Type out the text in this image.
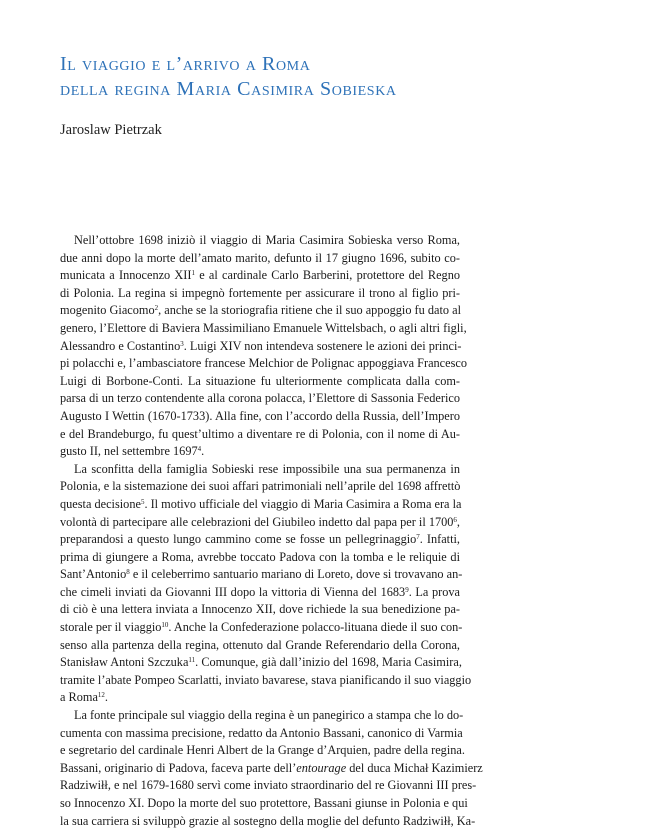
Il viaggio e l’arrivo a Roma
della regina Maria Casimira Sobieska

Jaroslaw Pietrzak

Nell’ottobre 1698 iniziò il viaggio di Maria Casimira Sobieska verso Roma,
due anni dopo la morte dell’amato marito, defunto il 17 giugno 1696, subito co-
municata a Innocenzo XII$^1$ e al cardinale Carlo Barberini, protettore del Regno
di Polonia. La regina si impegnò fortemente per assicurare il trono al figlio pri-
mogenito Giacomo$^2$, anche se la storiografia ritiene che il suo appoggio fu dato al
genero, l’Elettore di Baviera Massimiliano Emanuele Wittelsbach, o agli altri figli,
Alessandro e Costantino$^3$. Luigi XIV non intendeva sostenere le azioni dei princi-
pi polacchi e, l’ambasciatore francese Melchior de Polignac appoggiava Francesco
Luigi di Borbone-Conti. La situazione fu ulteriormente complicata dalla com-
parsa di un terzo contendente alla corona polacca, l’Elettore di Sassonia Federico
Augusto I Wettin (1670-1733). Alla fine, con l’accordo della Russia, dell’Impero
e del Brandeburgo, fu quest’ultimo a diventare re di Polonia, con il nome di Au-
gusto II, nel settembre 1697$^4$.
La sconfitta della famiglia Sobieski rese impossibile una sua permanenza in
Polonia, e la sistemazione dei suoi affari patrimoniali nell’aprile del 1698 affrettò
questa decisione$^5$. Il motivo ufficiale del viaggio di Maria Casimira a Roma era la
volontà di partecipare alle celebrazioni del Giubileo indetto dal papa per il 1700$^6$,
preparandosi a questo lungo cammino come se fosse un pellegrinaggio$^7$. Infatti,
prima di giungere a Roma, avrebbe toccato Padova con la tomba e le reliquie di
Sant’Antonio$^8$ e il celeberrimo santuario mariano di Loreto, dove si trovavano an-
che cimeli inviati da Giovanni III dopo la vittoria di Vienna del 1683$^9$. La prova
di ciò è una lettera inviata a Innocenzo XII, dove richiede la sua benedizione pa-
storale per il viaggio$^{10}$. Anche la Confederazione polacco-lituana diede il suo con-
senso alla partenza della regina, ottenuto dal Grande Referendario della Corona,
Stanisław Antoni Szczuka$^{11}$. Comunque, già dall’inizio del 1698, Maria Casimira,
tramite l’abate Pompeo Scarlatti, inviato bavarese, stava pianificando il suo viaggio
a Roma$^{12}$.
La fonte principale sul viaggio della regina è un panegirico a stampa che lo do-
cumenta con massima precisione, redatto da Antonio Bassani, canonico di Varmia
e segretario del cardinale Henri Albert de la Grange d’Arquien, padre della regina.
Bassani, originario di Padova, faceva parte dell’entourage del duca Michał Kazimierz
Radziwiłł, e nel 1679-1680 servì come inviato straordinario del re Giovanni III pres-
so Innocenzo XI. Dopo la morte del suo protettore, Bassani giunse in Polonia e qui
la sua carriera si sviluppò grazie al sostegno della moglie del defunto Radziwiłł, Ka-
